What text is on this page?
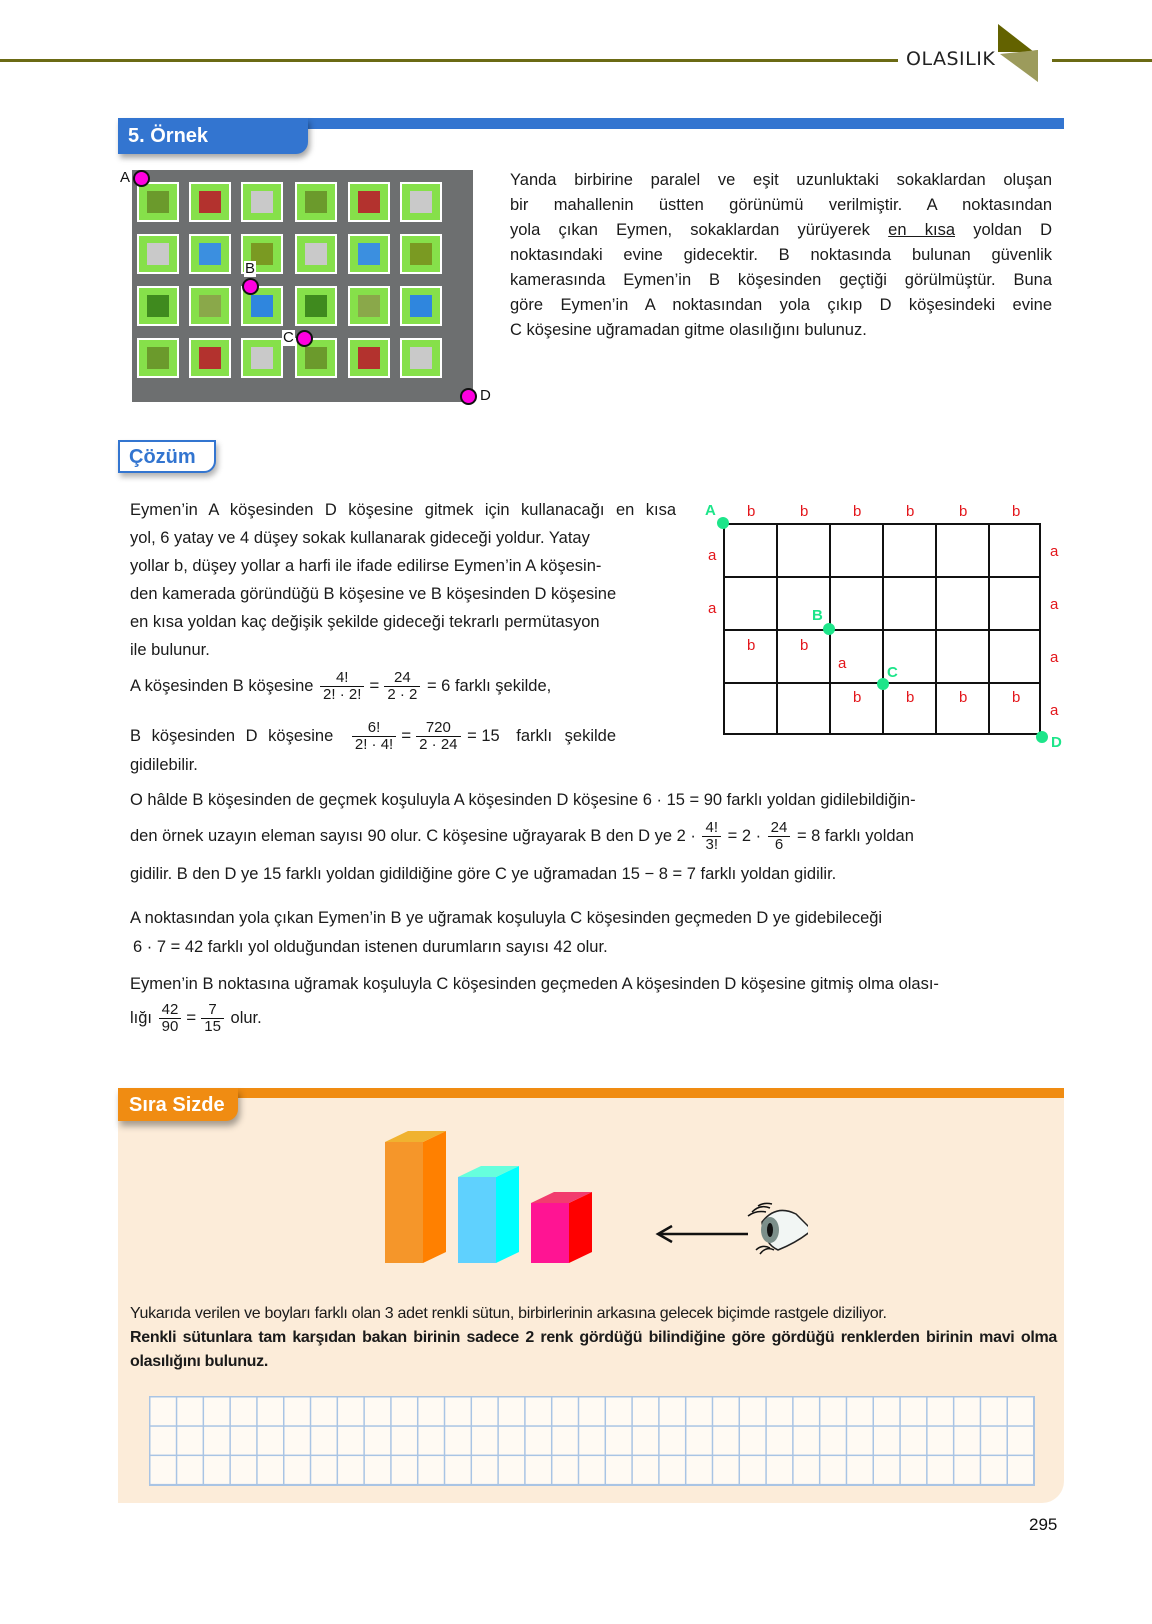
OLASILIK
5. Örnek
A
B
C
D

Yanda birbirine paralel ve eşit uzunluktaki sokaklardan oluşan

bir mahallenin üstten görünümü verilmiştir. A noktasından

yola çıkan Eymen, sokaklardan yürüyerek en kısa yoldan D

noktasındaki evine gidecektir. B noktasında bulunan güvenlik

kamerasında Eymen’in B köşesinden geçtiği görülmüştür. Buna

göre Eymen’in A noktasından yola çıkıp D köşesindeki evine

C köşesine uğramadan gitme olasılığını bulunuz.

Çözüm

Eymen’in A köşesinden D köşesine gitmek için kullanacağı en kısa

yol, 6 yatay ve 4 düşey sokak kullanarak gideceği yoldur. Yatay

yollar b, düşey yollar a harfi ile ifade edilirse Eymen’in A köşesin-

den kamerada göründüğü B köşesine ve B köşesinden D köşesine

en kısa yoldan kaç değişik şekilde gideceği tekrarlı permütasyon

ile bulunur.

A köşesinden B köşesine $\frac{4!}{2! \cdot 2!} = \frac{24}{2 \cdot 2} = 6$ farklı şekilde,
B köşesinden D köşesine $\frac{6!}{2! \cdot 4!} = \frac{720}{2 \cdot 24} = 15$ farklı şekilde
gidilebilir.
b	b	b	b	b	b
a
a
a
a
a
a
b	b
a
b	b	b	b
A
B
C
D
O hâlde B köşesinden de geçmek koşuluyla A köşesinden D köşesine 6 · 15 = 90 farklı yoldan gidilebildiğin-
den örnek uzayın eleman sayısı 90 olur. C köşesine uğrayarak B den D ye $2 \cdot \frac{4!}{3!} = 2 \cdot \frac{24}{6} = 8$ farklı yoldan
gidilir. B den D ye 15 farklı yoldan gidildiğine göre C ye uğramadan 15 − 8 = 7 farklı yoldan gidilir.
A noktasından yola çıkan Eymen’in B ye uğramak koşuluyla C köşesinden geçmeden D ye gidebileceği
6 · 7 = 42 farklı yol olduğundan istenen durumların sayısı 42 olur.
Eymen’in B noktasına uğramak koşuluyla C köşesinden geçmeden A köşesinden D köşesine gitmiş olma olası-
lığı $\frac{42}{90} = \frac{7}{15}$ olur.
Sıra Sizde

Yukarıda verilen ve boyları farklı olan 3 adet renkli sütun, birbirlerinin arkasına gelecek biçimde rastgele diziliyor.

Renkli sütunlara tam karşıdan bakan birinin sadece 2 renk gördüğü bilindiğine göre gördüğü renklerden birinin mavi olma olasılığını bulunuz.

295
